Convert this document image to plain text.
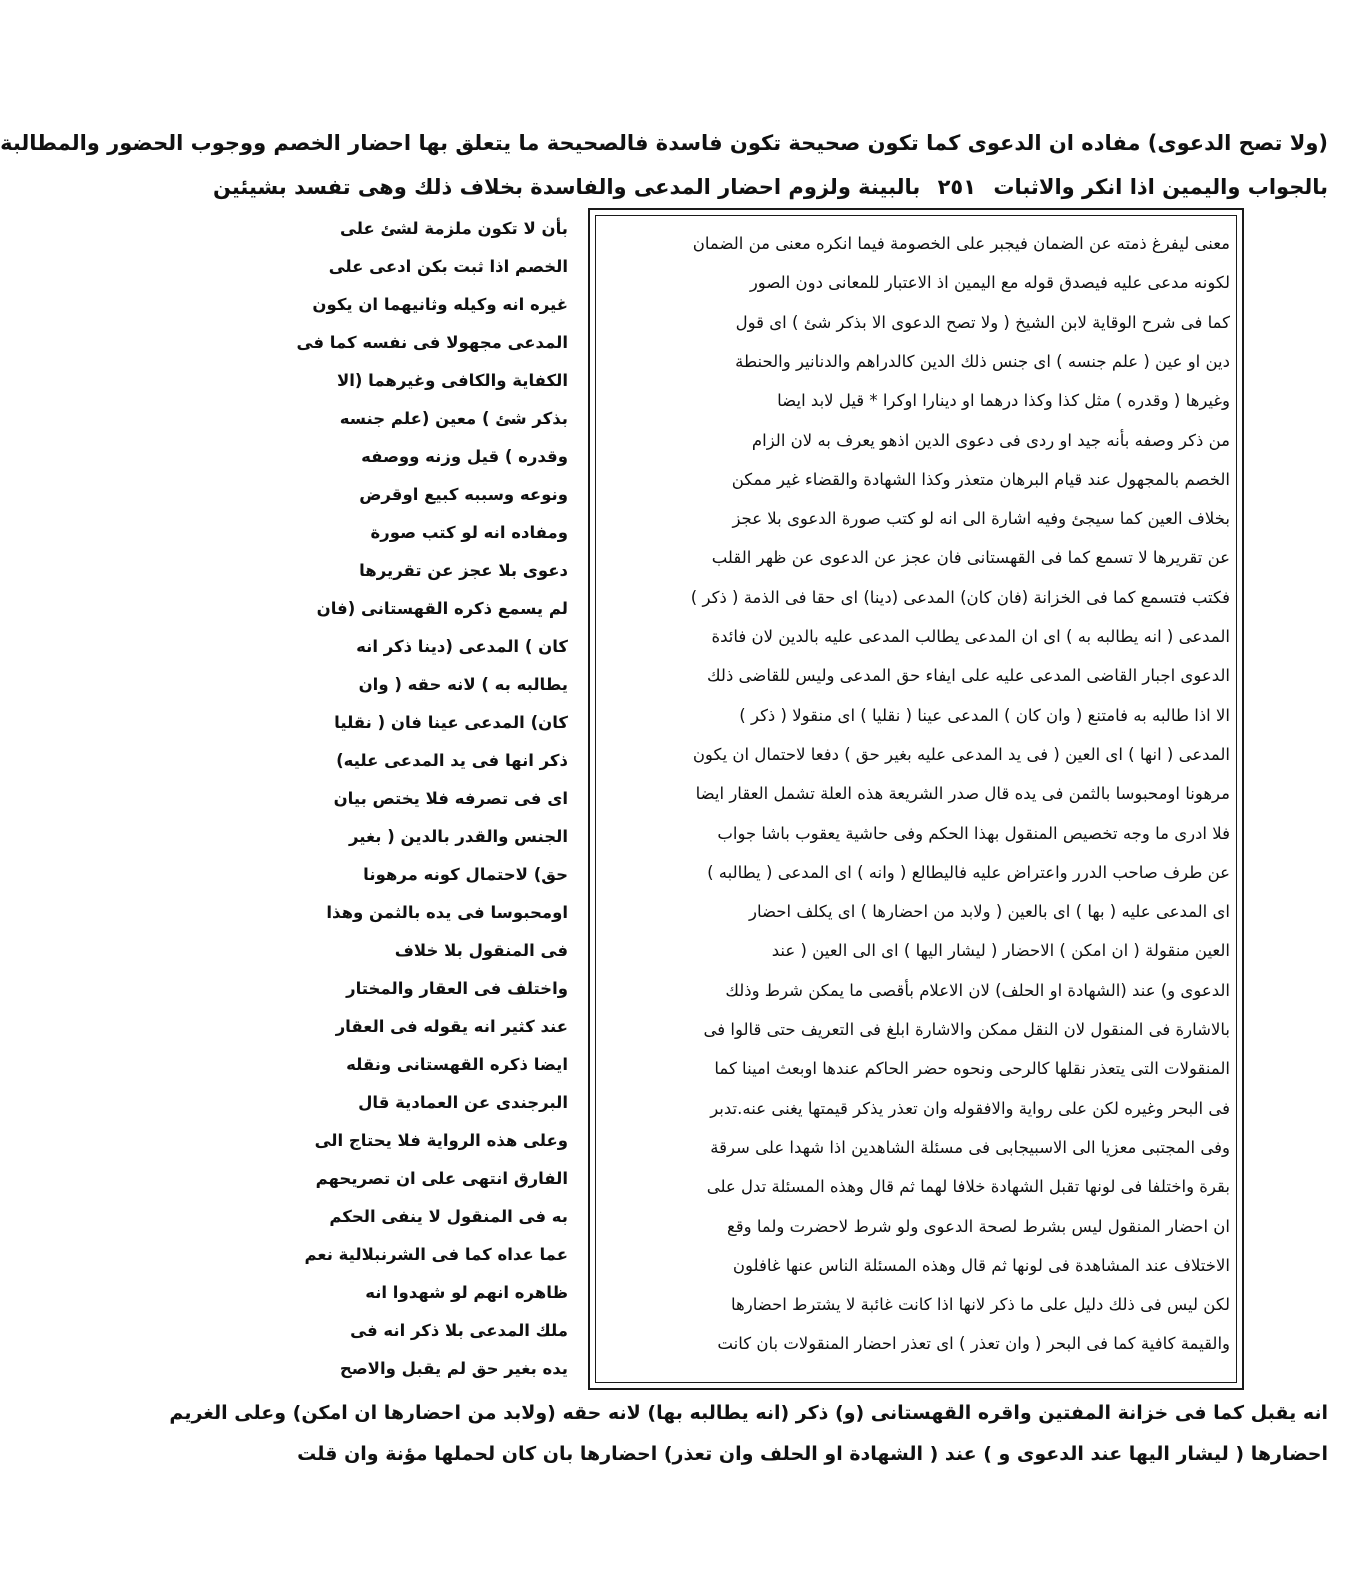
(ولا تصح الدعوى) مفاده ان الدعوى كما تكون صحيحة تكون فاسدة فالصحيحة ما يتعلق بها احضار الخصم ووجوب الحضور والمطالبة
بالجواب واليمين اذا انكر والاثبات ٢٥١ بالبينة ولزوم احضار المدعى والفاسدة بخلاف ذلك وهى تفسد بشيئين
معنى ليفرغ ذمته عن الضمان فيجبر على الخصومة فيما انكره معنى من الضمان
لكونه مدعى عليه فيصدق قوله مع اليمين اذ الاعتبار للمعانى دون الصور
كما فى شرح الوقاية لابن الشيخ ( ولا تصح الدعوى الا بذكر شئ ) اى قول
دين او عين ( علم جنسه ) اى جنس ذلك الدين كالدراهم والدنانير والحنطة
وغيرها ( وقدره ) مثل كذا وكذا درهما او دينارا اوكرا * قيل لابد ايضا
من ذكر وصفه بأنه جيد او ردى فى دعوى الدين اذهو يعرف به لان الزام
الخصم بالمجهول عند قيام البرهان متعذر وكذا الشهادة والقضاء غير ممكن
بخلاف العين كما سيجئ وفيه اشارة الى انه لو كتب صورة الدعوى بلا عجز
عن تقريرها لا تسمع كما فى القهستانى فان عجز عن الدعوى عن ظهر القلب
فكتب فتسمع كما فى الخزانة (فان كان) المدعى (دينا) اى حقا فى الذمة ( ذكر )
المدعى ( انه يطالبه به ) اى ان المدعى يطالب المدعى عليه بالدين لان فائدة
الدعوى اجبار القاضى المدعى عليه على ايفاء حق المدعى وليس للقاضى ذلك
الا اذا طالبه به فامتنع ( وان كان ) المدعى عينا ( نقليا ) اى منقولا ( ذكر )
المدعى ( انها ) اى العين ( فى يد المدعى عليه بغير حق ) دفعا لاحتمال ان يكون
مرهونا اومحبوسا بالثمن فى يده قال صدر الشريعة هذه العلة تشمل العقار ايضا
فلا ادرى ما وجه تخصيص المنقول بهذا الحكم وفى حاشية يعقوب باشا جواب
عن طرف صاحب الدرر واعتراض عليه فاليطالع ( وانه ) اى المدعى ( يطالبه )
اى المدعى عليه ( بها ) اى بالعين ( ولابد من احضارها ) اى يكلف احضار
العين منقولة ( ان امكن ) الاحضار ( ليشار اليها ) اى الى العين ( عند
الدعوى و) عند (الشهادة او الحلف) لان الاعلام بأقصى ما يمكن شرط وذلك
بالاشارة فى المنقول لان النقل ممكن والاشارة ابلغ فى التعريف حتى قالوا فى
المنقولات التى يتعذر نقلها كالرحى ونحوه حضر الحاكم عندها اوبعث امينا كما
فى البحر وغيره لكن على رواية والافقوله وان تعذر يذكر قيمتها يغنى عنه.تدبر
وفى المجتبى معزيا الى الاسبيجابى فى مسئلة الشاهدين اذا شهدا على سرقة
بقرة واختلفا فى لونها تقبل الشهادة خلافا لهما ثم قال وهذه المسئلة تدل على
ان احضار المنقول ليس بشرط لصحة الدعوى ولو شرط لاحضرت ولما وقع
الاختلاف عند المشاهدة فى لونها ثم قال وهذه المسئلة الناس عنها غافلون
لكن ليس فى ذلك دليل على ما ذكر لانها اذا كانت غائبة لا يشترط احضارها
والقيمة كافية كما فى البحر ( وان تعذر ) اى تعذر احضار المنقولات بان كانت
بأن لا تكون ملزمة لشئ على
الخصم اذا ثبت بكن ادعى على
غيره انه وكيله وثانيهما ان يكون
المدعى مجهولا فى نفسه كما فى
الكفاية والكافى وغيرهما (الا
بذكر شئ ) معين (علم جنسه
وقدره ) قيل وزنه ووصفه
ونوعه وسببه كبيع اوقرض
ومفاده انه لو كتب صورة
دعوى بلا عجز عن تقريرها
لم يسمع ذكره القهستانى (فان
كان ) المدعى (دينا ذكر انه
يطالبه به ) لانه حقه ( وان
كان) المدعى عينا فان ( نقليا
ذكر انها فى يد المدعى عليه)
اى فى تصرفه فلا يختص بيان
الجنس والقدر بالدين ( بغير
حق) لاحتمال كونه مرهونا
اومحبوسا فى يده بالثمن وهذا
فى المنقول بلا خلاف
واختلف فى العقار والمختار
عند كثير انه يقوله فى العقار
ايضا ذكره القهستانى ونقله
البرجندى عن العمادية قال
وعلى هذه الرواية فلا يحتاج الى
الفارق انتهى على ان تصريحهم
به فى المنقول لا ينفى الحكم
عما عداه كما فى الشرنبلالية نعم
ظاهره انهم لو شهدوا انه
ملك المدعى بلا ذكر انه فى
يده بغير حق لم يقبل والاصح
انه يقبل كما فى خزانة المفتين واقره القهستانى (و) ذكر (انه يطالبه بها) لانه حقه (ولابد من احضارها ان امكن) وعلى الغريم
احضارها ( ليشار اليها عند الدعوى و ) عند ( الشهادة او الحلف وان تعذر) احضارها بان كان لحملها مؤنة وان قلت
